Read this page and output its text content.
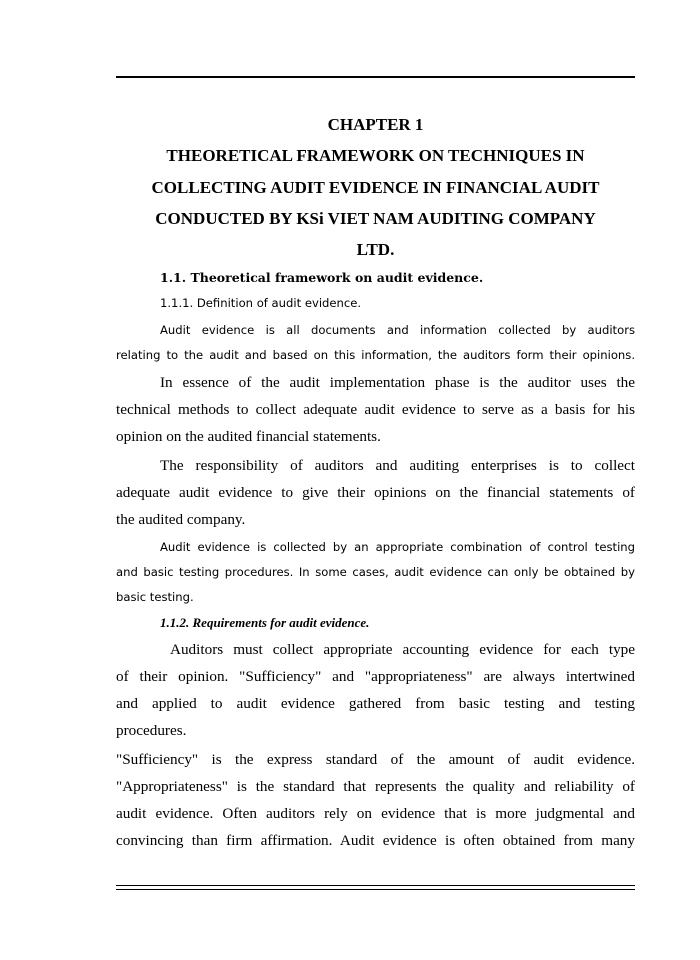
CHAPTER 1
THEORETICAL FRAMEWORK ON TECHNIQUES IN
COLLECTING AUDIT EVIDENCE IN FINANCIAL AUDIT
CONDUCTED BY KSi VIET NAM AUDITING COMPANY
LTD.
1.1. Theoretical framework on audit evidence.
1.1.1. Definition of audit evidence.
Audit evidence is all documents and information collected by auditors
relating to the audit and based on this information, the auditors form their opinions.
In essence of the audit implementation phase is the auditor uses the
technical methods to collect adequate audit evidence to serve as a basis for his
opinion on the audited financial statements.
The responsibility of auditors and auditing enterprises is to collect
adequate audit evidence to give their opinions on the financial statements of
the audited company.
Audit evidence is collected by an appropriate combination of control testing
and basic testing procedures. In some cases, audit evidence can only be obtained by
basic testing.
1.1.2. Requirements for audit evidence.
Auditors must collect appropriate accounting evidence for each type
of their opinion. "Sufficiency" and "appropriateness" are always intertwined
and applied to audit evidence gathered from basic testing and testing
procedures.
"Sufficiency" is the express standard of the amount of audit evidence.
"Appropriateness" is the standard that represents the quality and reliability of
audit evidence. Often auditors rely on evidence that is more judgmental and
convincing than firm affirmation. Audit evidence is often obtained from many
